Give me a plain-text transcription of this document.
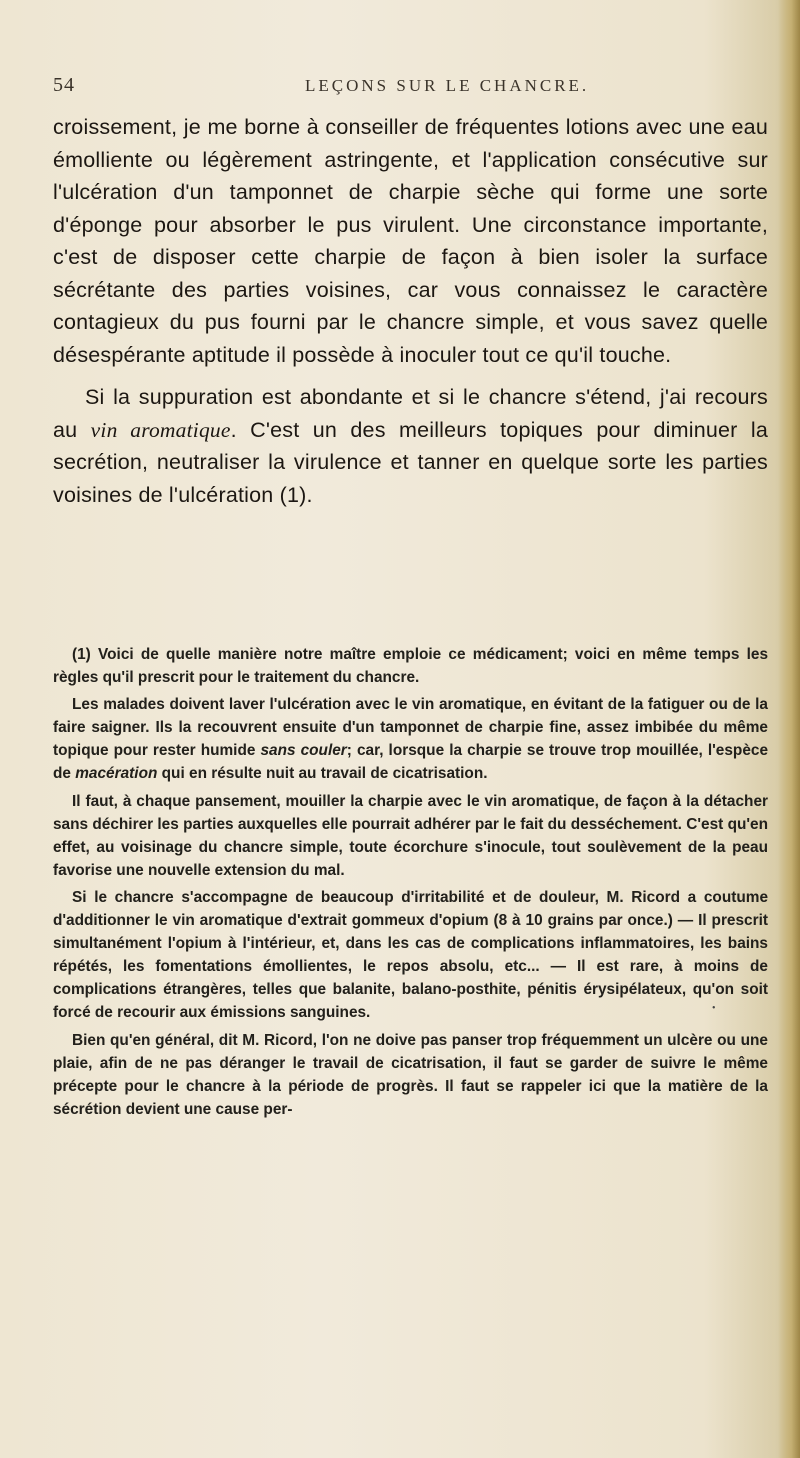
54	LEÇONS SUR LE CHANCRE.

croissement, je me borne à conseiller de fréquentes lotions avec une eau émolliente ou légèrement astringente, et l'application consécutive sur l'ulcération d'un tamponnet de charpie sèche qui forme une sorte d'éponge pour absorber le pus virulent. Une circonstance importante, c'est de disposer cette charpie de façon à bien isoler la surface sécrétante des parties voisines, car vous connaissez le caractère contagieux du pus fourni par le chancre simple, et vous savez quelle désespérante aptitude il possède à inoculer tout ce qu'il touche.

Si la suppuration est abondante et si le chancre s'étend, j'ai recours au vin aromatique. C'est un des meilleurs topiques pour diminuer la secrétion, neutraliser la virulence et tanner en quelque sorte les parties voisines de l'ulcération (1).

(1) Voici de quelle manière notre maître emploie ce médicament; voici en même temps les règles qu'il prescrit pour le traitement du chancre.

Les malades doivent laver l'ulcération avec le vin aromatique, en évitant de la fatiguer ou de la faire saigner. Ils la recouvrent ensuite d'un tamponnet de charpie fine, assez imbibée du même topique pour rester humide sans couler; car, lorsque la charpie se trouve trop mouillée, l'espèce de macération qui en résulte nuit au travail de cicatrisation.

Il faut, à chaque pansement, mouiller la charpie avec le vin aromatique, de façon à la détacher sans déchirer les parties auxquelles elle pourrait adhérer par le fait du desséchement. C'est qu'en effet, au voisinage du chancre simple, toute écorchure s'inocule, tout soulèvement de la peau favorise une nouvelle extension du mal.

Si le chancre s'accompagne de beaucoup d'irritabilité et de douleur, M. Ricord a coutume d'additionner le vin aromatique d'extrait gommeux d'opium (8 à 10 grains par once.) — Il prescrit simultanément l'opium à l'intérieur, et, dans les cas de complications inflammatoires, les bains répétés, les fomentations émollientes, le repos absolu, etc... — Il est rare, à moins de complications étrangères, telles que balanite, balano-posthite, pénitis érysipélateux, qu'on soit forcé de recourir aux émissions sanguines.

Bien qu'en général, dit M. Ricord, l'on ne doive pas panser trop fréquemment un ulcère ou une plaie, afin de ne pas déranger le travail de cicatrisation, il faut se garder de suivre le même précepte pour le chancre à la période de progrès. Il faut se rappeler ici que la matière de la sécrétion devient une cause per-

•
